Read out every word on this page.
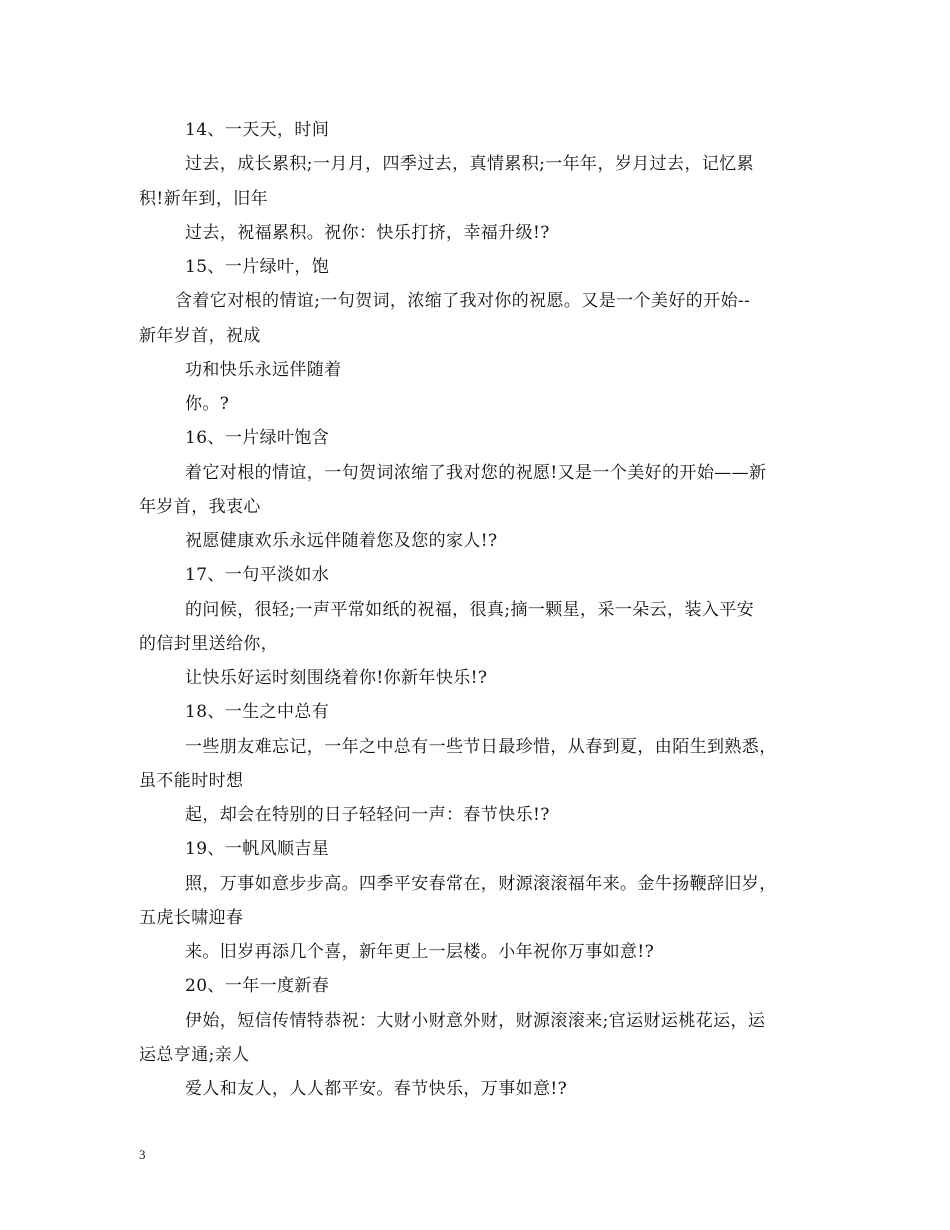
14、一天天，时间
过去，成长累积;一月月，四季过去，真情累积;一年年，岁月过去，记忆累
积!新年到，旧年
过去，祝福累积。祝你：快乐打挤，幸福升级!?
15、一片绿叶，饱
含着它对根的情谊;一句贺词，浓缩了我对你的祝愿。又是一个美好的开始--
新年岁首，祝成
功和快乐永远伴随着
你。?
16、一片绿叶饱含
着它对根的情谊，一句贺词浓缩了我对您的祝愿!又是一个美好的开始——新
年岁首，我衷心
祝愿健康欢乐永远伴随着您及您的家人!?
17、一句平淡如水
的问候，很轻;一声平常如纸的祝福，很真;摘一颗星，采一朵云，装入平安
的信封里送给你，
让快乐好运时刻围绕着你!你新年快乐!?
18、一生之中总有
一些朋友难忘记，一年之中总有一些节日最珍惜，从春到夏，由陌生到熟悉，
虽不能时时想
起，却会在特别的日子轻轻问一声：春节快乐!?
19、一帆风顺吉星
照，万事如意步步高。四季平安春常在，财源滚滚福年来。金牛扬鞭辞旧岁，
五虎长啸迎春
来。旧岁再添几个喜，新年更上一层楼。小年祝你万事如意!?
20、一年一度新春
伊始，短信传情特恭祝：大财小财意外财，财源滚滚来;官运财运桃花运，运
运总亨通;亲人
爱人和友人，人人都平安。春节快乐，万事如意!?
3
